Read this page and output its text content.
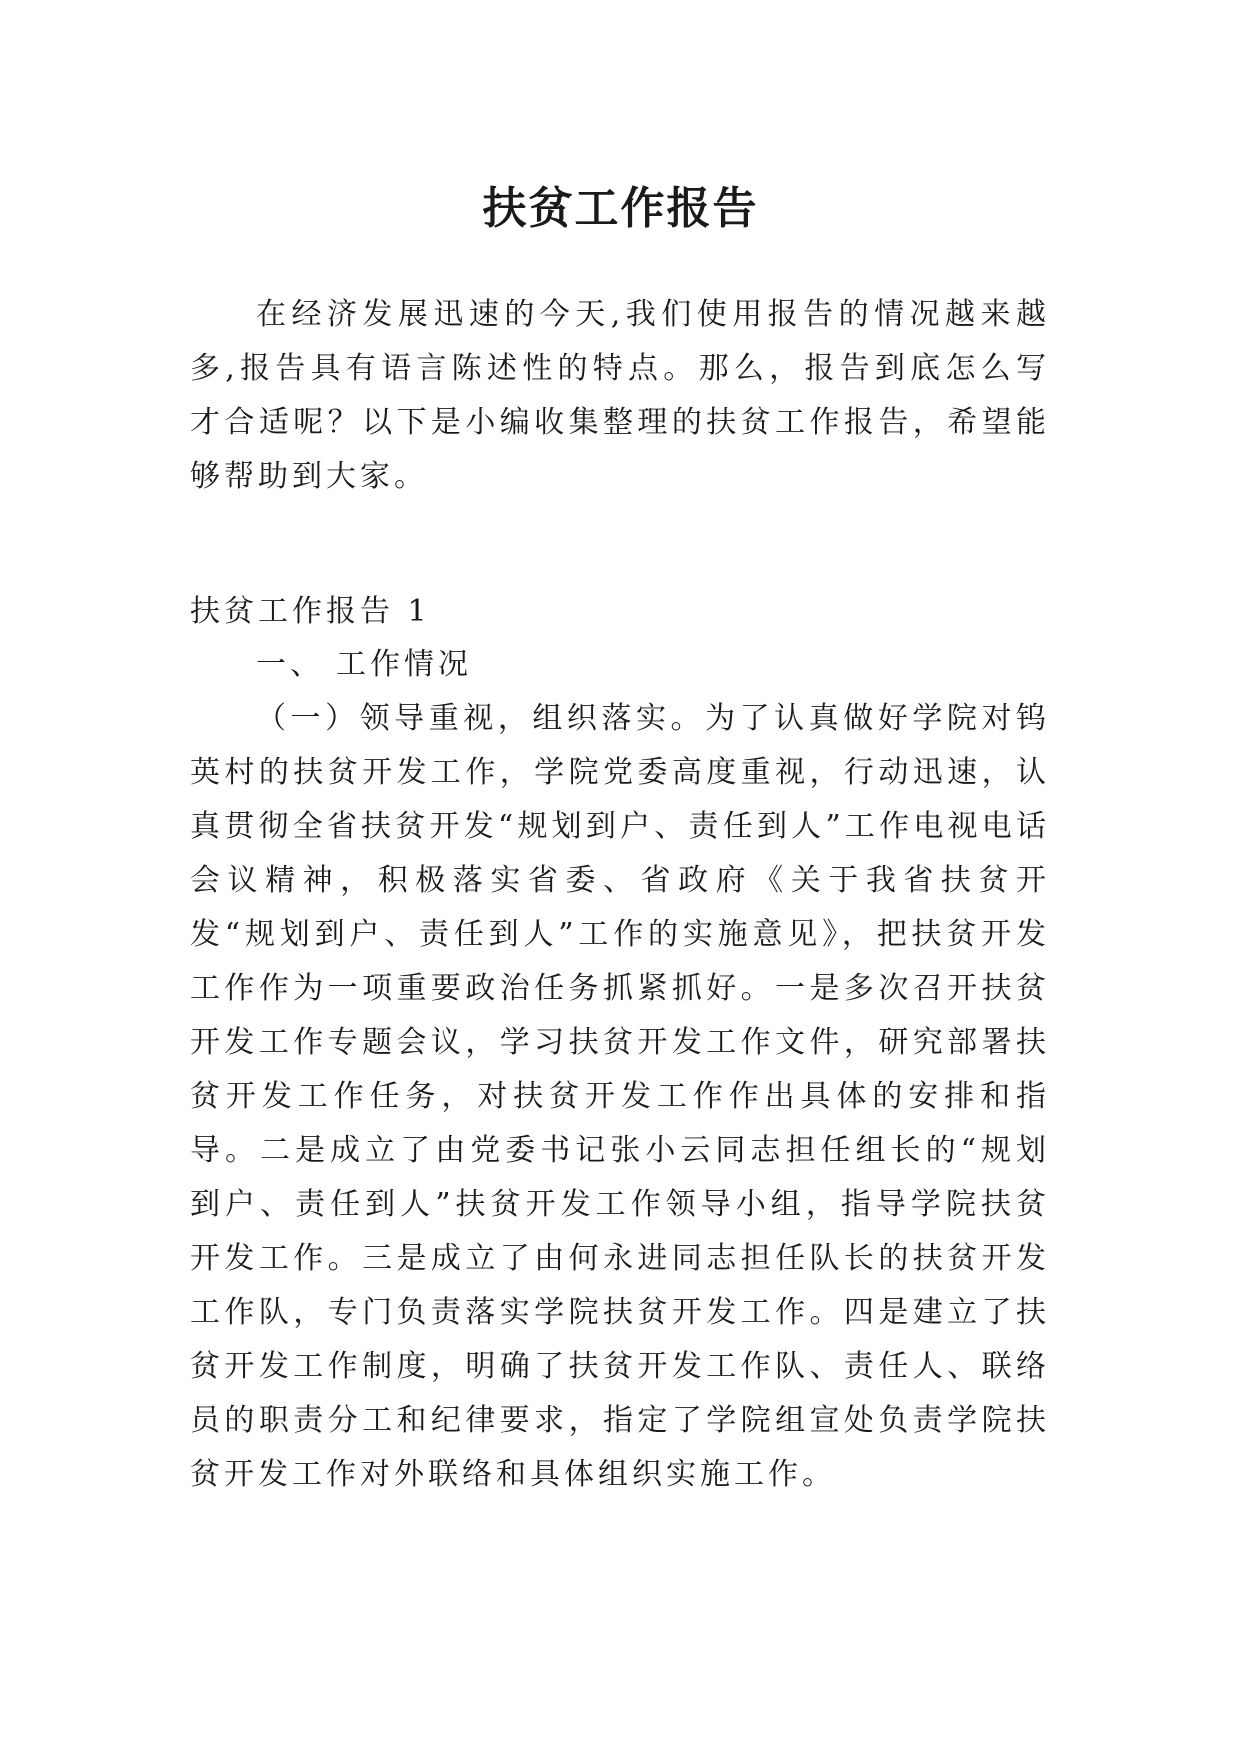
扶贫工作报告

在经济发展迅速的今天,我们使用报告的情况越来越多,报告具有语言陈述性的特点。那么，报告到底怎么写才合适呢？以下是小编收集整理的扶贫工作报告，希望能够帮助到大家。

扶贫工作报告 1

一、 工作情况

（一）领导重视，组织落实。为了认真做好学院对钨英村的扶贫开发工作，学院党委高度重视，行动迅速，认真贯彻全省扶贫开发“规划到户、责任到人”工作电视电话会议精神，积极落实省委、省政府《关于我省扶贫开发“规划到户、责任到人”工作的实施意见》，把扶贫开发工作作为一项重要政治任务抓紧抓好。一是多次召开扶贫开发工作专题会议，学习扶贫开发工作文件，研究部署扶贫开发工作任务，对扶贫开发工作作出具体的安排和指导。二是成立了由党委书记张小云同志担任组长的“规划到户、责任到人”扶贫开发工作领导小组，指导学院扶贫开发工作。三是成立了由何永进同志担任队长的扶贫开发工作队，专门负责落实学院扶贫开发工作。四是建立了扶贫开发工作制度，明确了扶贫开发工作队、责任人、联络员的职责分工和纪律要求，指定了学院组宣处负责学院扶贫开发工作对外联络和具体组织实施工作。
